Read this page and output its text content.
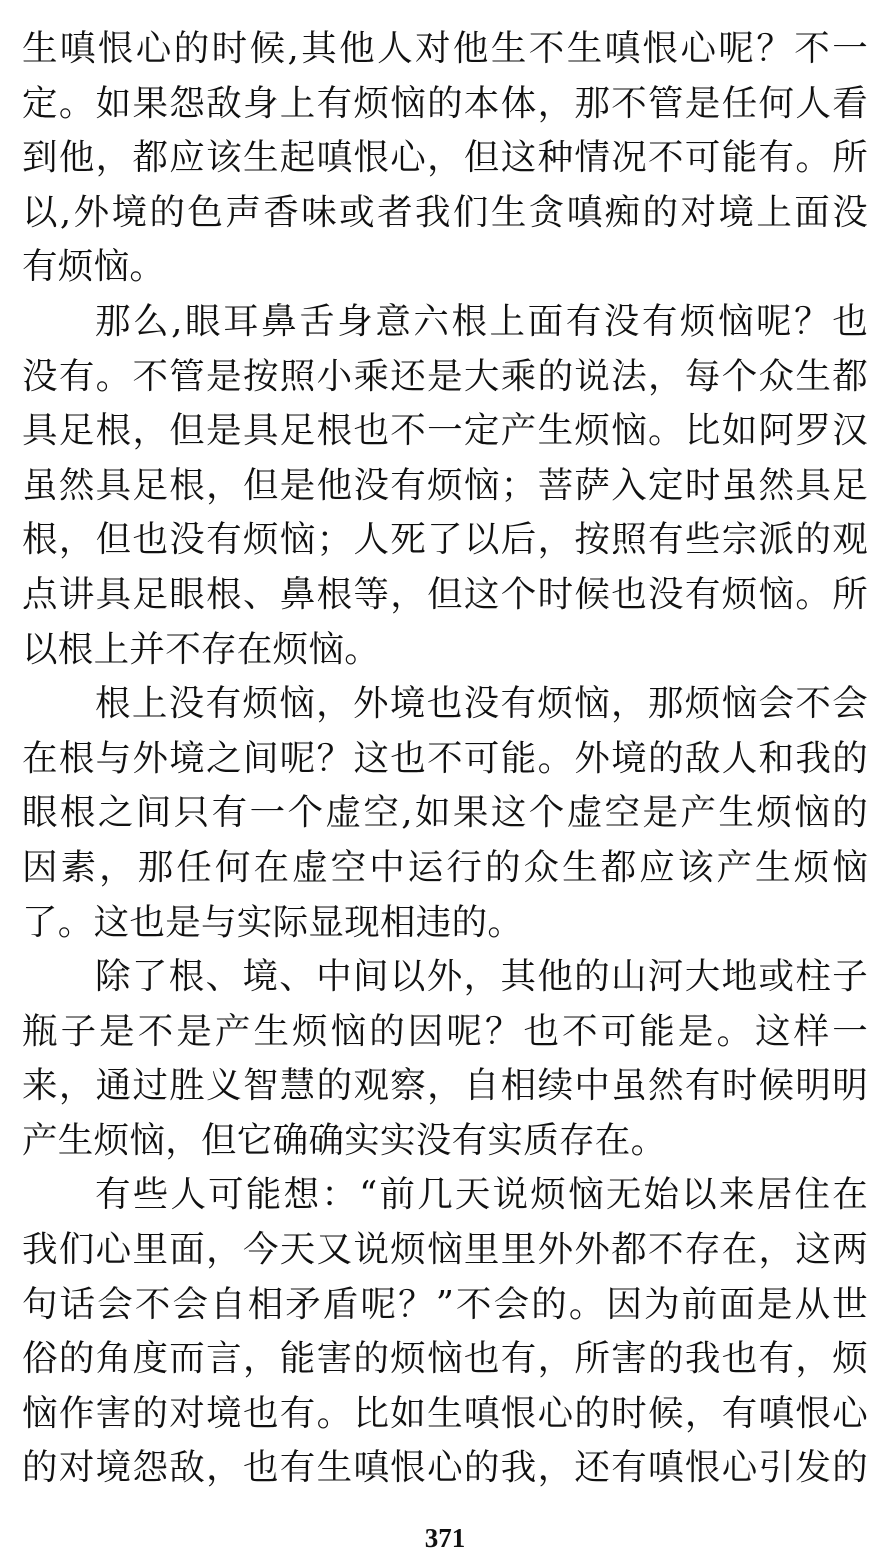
生嗔恨心的时候,其他人对他生不生嗔恨心呢？不一
定。如果怨敌身上有烦恼的本体，那不管是任何人看
到他，都应该生起嗔恨心，但这种情况不可能有。所
以,外境的色声香味或者我们生贪嗔痴的对境上面没
有烦恼。
那么,眼耳鼻舌身意六根上面有没有烦恼呢？也
没有。不管是按照小乘还是大乘的说法，每个众生都
具足根，但是具足根也不一定产生烦恼。比如阿罗汉
虽然具足根，但是他没有烦恼；菩萨入定时虽然具足
根，但也没有烦恼；人死了以后，按照有些宗派的观
点讲具足眼根、鼻根等，但这个时候也没有烦恼。所
以根上并不存在烦恼。
根上没有烦恼，外境也没有烦恼，那烦恼会不会
在根与外境之间呢？这也不可能。外境的敌人和我的
眼根之间只有一个虚空,如果这个虚空是产生烦恼的
因素，那任何在虚空中运行的众生都应该产生烦恼
了。这也是与实际显现相违的。
除了根、境、中间以外，其他的山河大地或柱子
瓶子是不是产生烦恼的因呢？也不可能是。这样一
来，通过胜义智慧的观察，自相续中虽然有时候明明
产生烦恼，但它确确实实没有实质存在。
有些人可能想：“前几天说烦恼无始以来居住在
我们心里面，今天又说烦恼里里外外都不存在，这两
句话会不会自相矛盾呢？”不会的。因为前面是从世
俗的角度而言，能害的烦恼也有，所害的我也有，烦
恼作害的对境也有。比如生嗔恨心的时候，有嗔恨心
的对境怨敌，也有生嗔恨心的我，还有嗔恨心引发的
371
